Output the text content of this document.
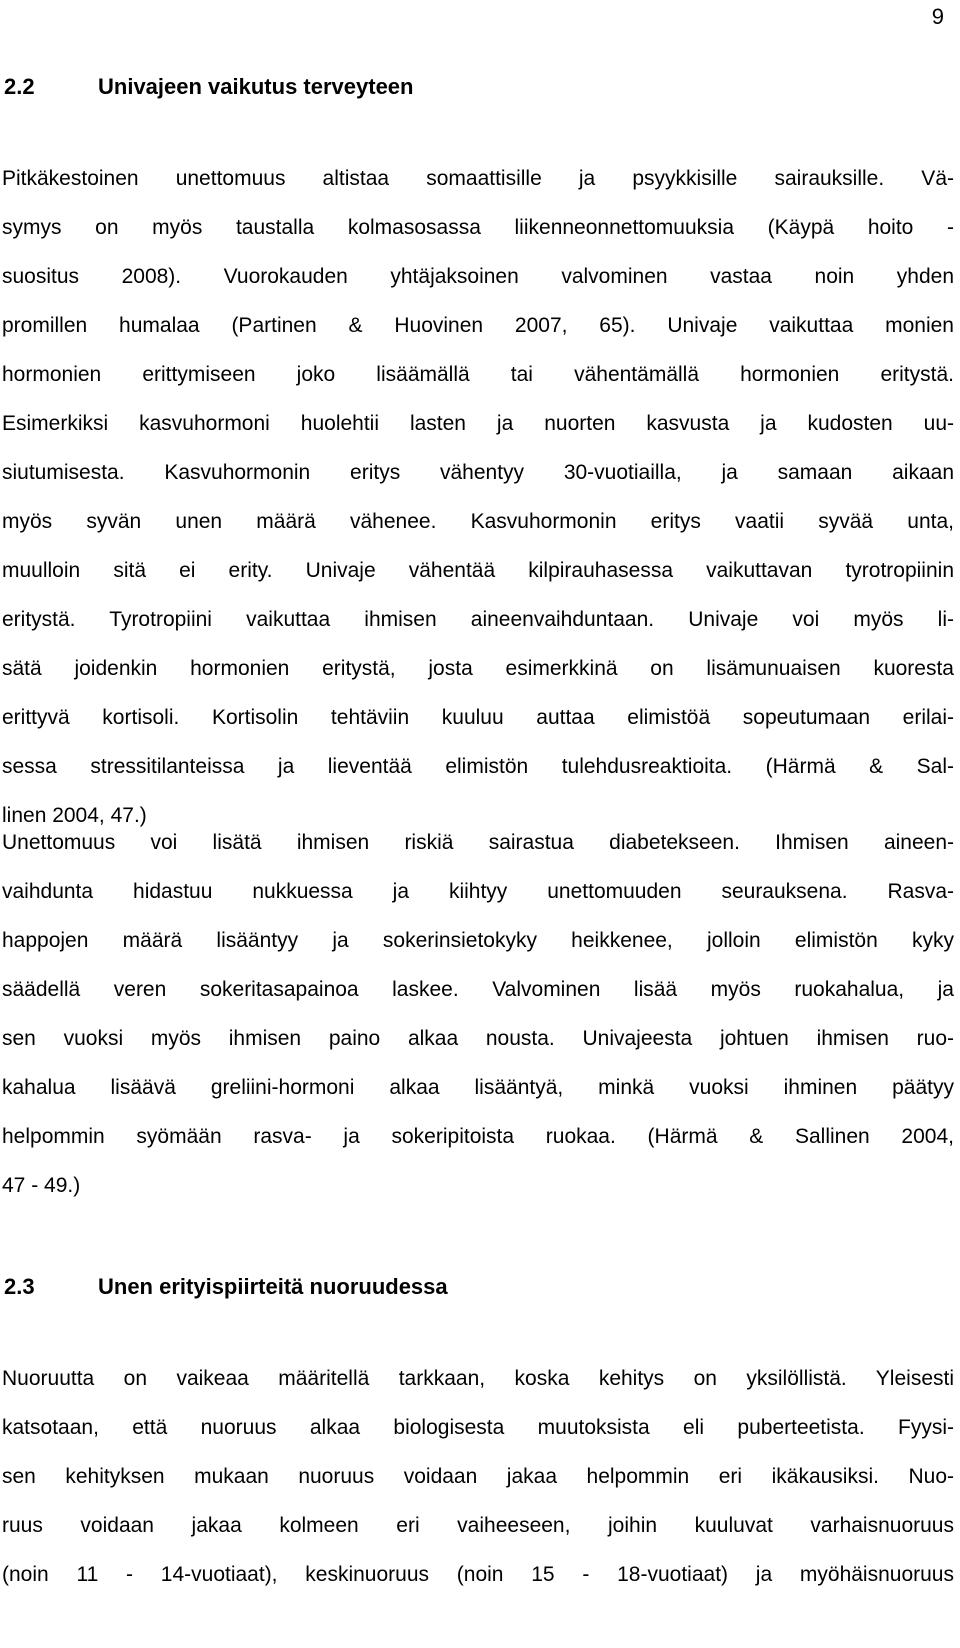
9
2.2	Univajeen vaikutus terveyteen
Pitkäkestoinen unettomuus altistaa somaattisille ja psyykkisille sairauksille. Vä-
symys on myös taustalla kolmasosassa liikenneonnettomuuksia (Käypä hoito -
suositus 2008). Vuorokauden yhtäjaksoinen valvominen vastaa noin yhden
promillen humalaa (Partinen & Huovinen 2007, 65). Univaje vaikuttaa monien
hormonien erittymiseen joko lisäämällä tai vähentämällä hormonien eritystä.
Esimerkiksi kasvuhormoni huolehtii lasten ja nuorten kasvusta ja kudosten uu-
siutumisesta. Kasvuhormonin eritys vähentyy 30-vuotiailla, ja samaan aikaan
myös syvän unen määrä vähenee. Kasvuhormonin eritys vaatii syvää unta,
muulloin sitä ei erity. Univaje vähentää kilpirauhasessa vaikuttavan tyrotropiinin
eritystä. Tyrotropiini vaikuttaa ihmisen aineenvaihduntaan. Univaje voi myös li-
sätä joidenkin hormonien eritystä, josta esimerkkinä on lisämunuaisen kuoresta
erittyvä kortisoli. Kortisolin tehtäviin kuuluu auttaa elimistöä sopeutumaan erilai-
sessa stressitilanteissa ja lieventää elimistön tulehdusreaktioita. (Härmä & Sal-
linen 2004, 47.)
Unettomuus voi lisätä ihmisen riskiä sairastua diabetekseen. Ihmisen aineen-
vaihdunta hidastuu nukkuessa ja kiihtyy unettomuuden seurauksena. Rasva-
happojen määrä lisääntyy ja sokerinsietokyky heikkenee, jolloin elimistön kyky
säädellä veren sokeritasapainoa laskee. Valvominen lisää myös ruokahalua, ja
sen vuoksi myös ihmisen paino alkaa nousta. Univajeesta johtuen ihmisen ruo-
kahalua lisäävä greliini-hormoni alkaa lisääntyä, minkä vuoksi ihminen päätyy
helpommin syömään rasva- ja sokeripitoista ruokaa. (Härmä & Sallinen 2004,
47 - 49.)
2.3	Unen erityispiirteitä nuoruudessa
Nuoruutta on vaikeaa määritellä tarkkaan, koska kehitys on yksilöllistä. Yleisesti
katsotaan, että nuoruus alkaa biologisesta muutoksista eli puberteetista. Fyysi-
sen kehityksen mukaan nuoruus voidaan jakaa helpommin eri ikäkausiksi. Nuo-
ruus voidaan jakaa kolmeen eri vaiheeseen, joihin kuuluvat varhaisnuoruus
(noin 11 - 14-vuotiaat), keskinuoruus (noin 15 - 18-vuotiaat) ja myöhäisnuoruus
